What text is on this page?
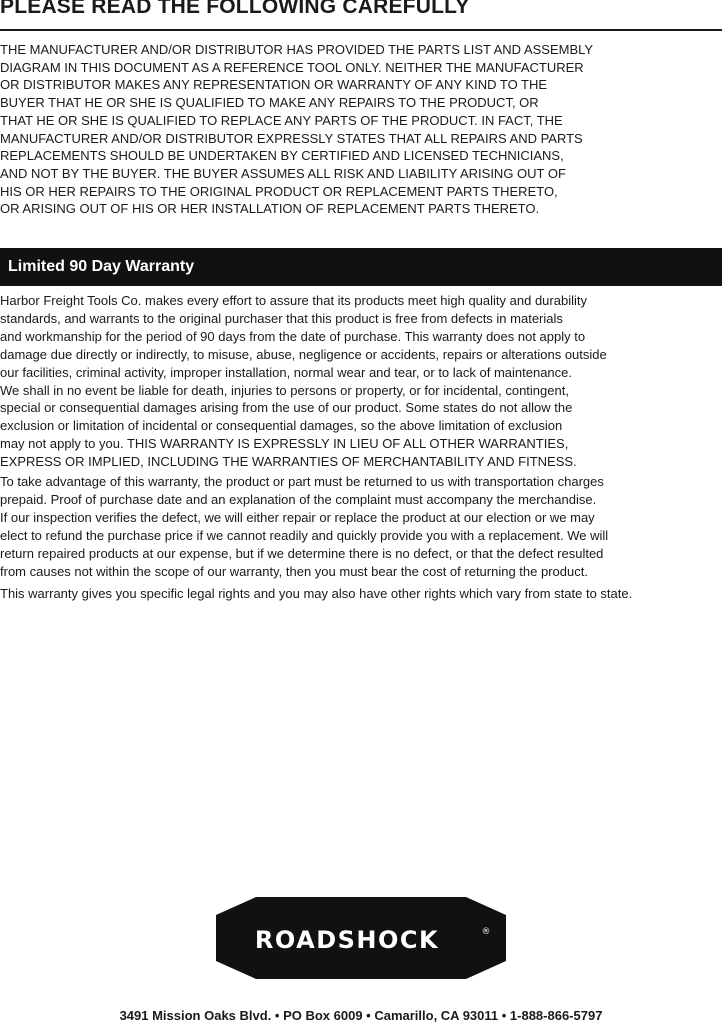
PLEASE READ THE FOLLOWING CAREFULLY
THE MANUFACTURER AND/OR DISTRIBUTOR HAS PROVIDED THE PARTS LIST AND ASSEMBLY
DIAGRAM IN THIS DOCUMENT AS A REFERENCE TOOL ONLY. NEITHER THE MANUFACTURER
OR DISTRIBUTOR MAKES ANY REPRESENTATION OR WARRANTY OF ANY KIND TO THE
BUYER THAT HE OR SHE IS QUALIFIED TO MAKE ANY REPAIRS TO THE PRODUCT, OR
THAT HE OR SHE IS QUALIFIED TO REPLACE ANY PARTS OF THE PRODUCT. IN FACT, THE
MANUFACTURER AND/OR DISTRIBUTOR EXPRESSLY STATES THAT ALL REPAIRS AND PARTS
REPLACEMENTS SHOULD BE UNDERTAKEN BY CERTIFIED AND LICENSED TECHNICIANS,
AND NOT BY THE BUYER. THE BUYER ASSUMES ALL RISK AND LIABILITY ARISING OUT OF
HIS OR HER REPAIRS TO THE ORIGINAL PRODUCT OR REPLACEMENT PARTS THERETO,
OR ARISING OUT OF HIS OR HER INSTALLATION OF REPLACEMENT PARTS THERETO.
Limited 90 Day Warranty
Harbor Freight Tools Co. makes every effort to assure that its products meet high quality and durability
standards, and warrants to the original purchaser that this product is free from defects in materials
and workmanship for the period of 90 days from the date of purchase. This warranty does not apply to
damage due directly or indirectly, to misuse, abuse, negligence or accidents, repairs or alterations outside
our facilities, criminal activity, improper installation, normal wear and tear, or to lack of maintenance.
We shall in no event be liable for death, injuries to persons or property, or for incidental, contingent,
special or consequential damages arising from the use of our product. Some states do not allow the
exclusion or limitation of incidental or consequential damages, so the above limitation of exclusion
may not apply to you. THIS WARRANTY IS EXPRESSLY IN LIEU OF ALL OTHER WARRANTIES,
EXPRESS OR IMPLIED, INCLUDING THE WARRANTIES OF MERCHANTABILITY AND FITNESS.
To take advantage of this warranty, the product or part must be returned to us with transportation charges
prepaid. Proof of purchase date and an explanation of the complaint must accompany the merchandise.
If our inspection verifies the defect, we will either repair or replace the product at our election or we may
elect to refund the purchase price if we cannot readily and quickly provide you with a replacement. We will
return repaired products at our expense, but if we determine there is no defect, or that the defect resulted
from causes not within the scope of our warranty, then you must bear the cost of returning the product.
This warranty gives you specific legal rights and you may also have other rights which vary from state to state.
ROADSHOCK	®
3491 Mission Oaks Blvd. • PO Box 6009 • Camarillo, CA 93011 • 1-888-866-5797
